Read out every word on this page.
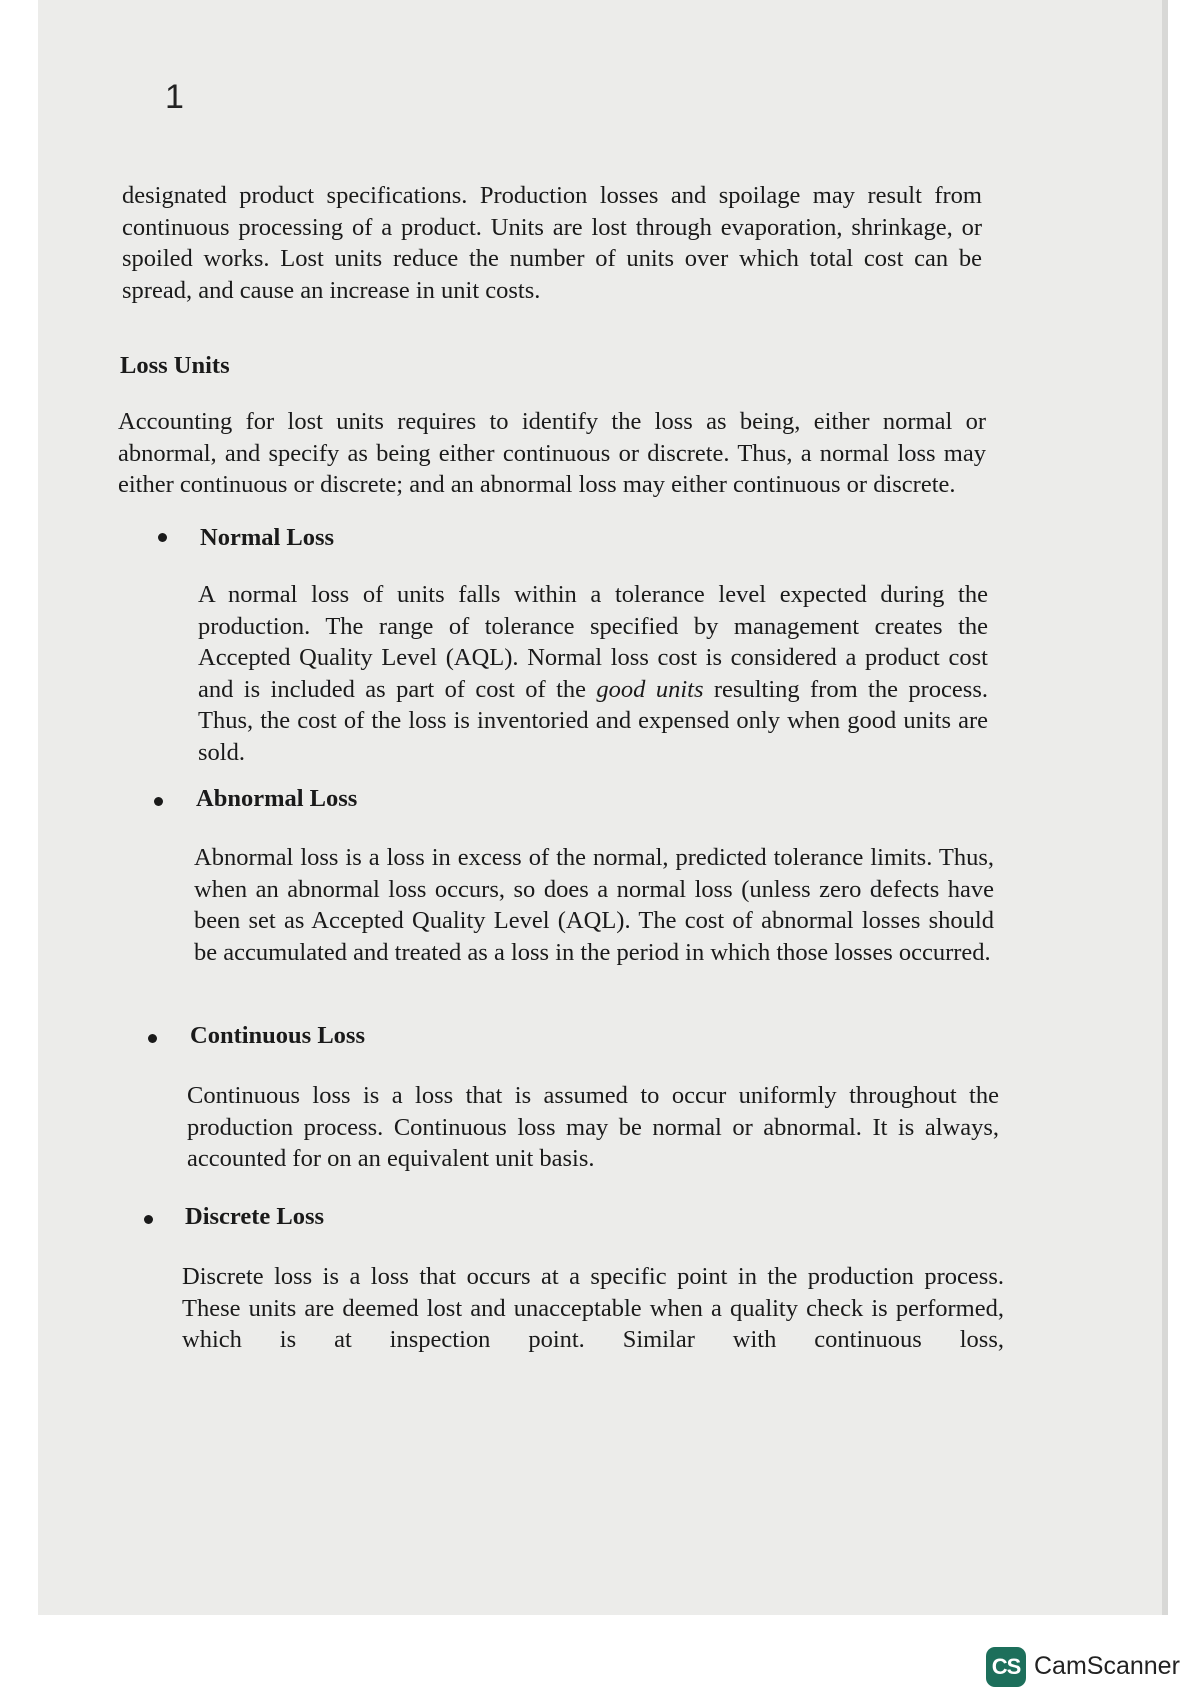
1

designated product specifications. Production losses and spoilage may result from continuous processing of a product. Units are lost through evaporation, shrinkage, or spoiled works. Lost units reduce the number of units over which total cost can be spread, and cause an increase in unit costs.

Loss Units

Accounting for lost units requires to identify the loss as being, either normal or abnormal, and specify as being either continuous or discrete. Thus, a normal loss may either continuous or discrete; and an abnormal loss may either continuous or discrete.

Normal Loss

A normal loss of units falls within a tolerance level expected during the production. The range of tolerance specified by management creates the Accepted Quality Level (AQL). Normal loss cost is considered a product cost and is included as part of cost of the good units resulting from the process. Thus, the cost of the loss is inventoried and expensed only when good units are sold.

Abnormal Loss

Abnormal loss is a loss in excess of the normal, predicted tolerance limits. Thus, when an abnormal loss occurs, so does a normal loss (unless zero defects have been set as Accepted Quality Level (AQL). The cost of abnormal losses should be accumulated and treated as a loss in the period in which those losses occurred.

Continuous Loss

Continuous loss is a loss that is assumed to occur uniformly throughout the production process. Continuous loss may be normal or abnormal. It is always, accounted for on an equivalent unit basis.

Discrete Loss

Discrete loss is a loss that occurs at a specific point in the production process. These units are deemed lost and unacceptable when a quality check is performed, which is at inspection point. Similar with continuous loss,

CS CamScanner
